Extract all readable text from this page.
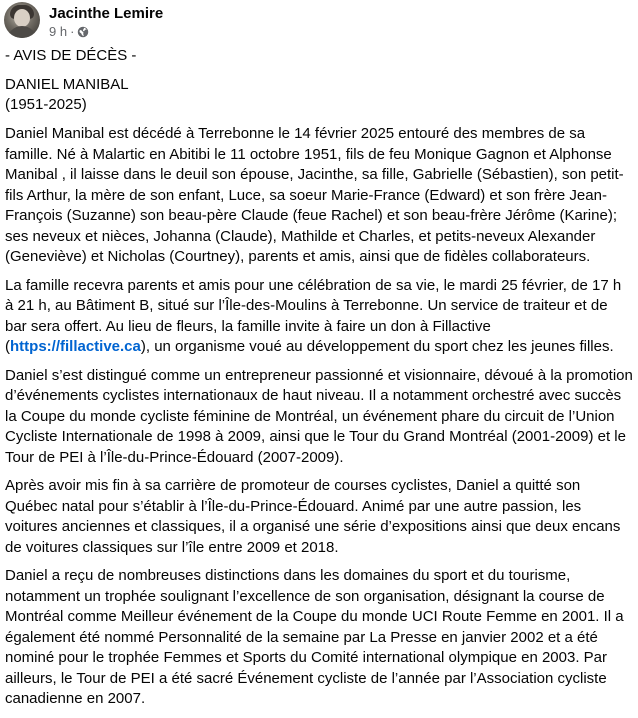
Jacinthe Lemire
9 h ·

- AVIS DE DÉCÈS -

DANIEL MANIBAL

(1951-2025)

Daniel Manibal est décédé à Terrebonne le 14 février 2025 entouré des membres de sa famille. Né à Malartic en Abitibi le 11 octobre 1951, fils de feu Monique Gagnon et Alphonse Manibal , il laisse dans le deuil son épouse, Jacinthe, sa fille, Gabrielle (Sébastien), son petit-fils Arthur, la mère de son enfant, Luce, sa soeur Marie-France (Edward) et son frère Jean-François (Suzanne) son beau-père Claude (feue Rachel) et son beau-frère Jérôme (Karine); ses neveux et nièces, Johanna (Claude), Mathilde et Charles, et petits-neveux Alexander (Geneviève) et Nicholas (Courtney), parents et amis, ainsi que de fidèles collaborateurs.

La famille recevra parents et amis pour une célébration de sa vie, le mardi 25 février, de 17 h à 21 h, au Bâtiment B, situé sur l’Île-des-Moulins à Terrebonne. Un service de traiteur et de bar sera offert. Au lieu de fleurs, la famille invite à faire un don à Fillactive (https://fillactive.ca), un organisme voué au développement du sport chez les jeunes filles.

Daniel s’est distingué comme un entrepreneur passionné et visionnaire, dévoué à la promotion d’événements cyclistes internationaux de haut niveau. Il a notamment orchestré avec succès la Coupe du monde cycliste féminine de Montréal, un événement phare du circuit de l’Union Cycliste Internationale de 1998 à 2009, ainsi que le Tour du Grand Montréal (2001-2009) et le Tour de PEI à l’Île-du-Prince-Édouard (2007-2009).

Après avoir mis fin à sa carrière de promoteur de courses cyclistes, Daniel a quitté son Québec natal pour s’établir à l’Île-du-Prince-Édouard. Animé par une autre passion, les voitures anciennes et classiques, il a organisé une série d’expositions ainsi que deux encans de voitures classiques sur l’île entre 2009 et 2018.

Daniel a reçu de nombreuses distinctions dans les domaines du sport et du tourisme, notamment un trophée soulignant l’excellence de son organisation, désignant la course de Montréal comme Meilleur événement de la Coupe du monde UCI Route Femme en 2001. Il a également été nommé Personnalité de la semaine par La Presse en janvier 2002 et a été nominé pour le trophée Femmes et Sports du Comité international olympique en 2003. Par ailleurs, le Tour de PEI a été sacré Événement cycliste de l’année par l’Association cycliste canadienne en 2007.
